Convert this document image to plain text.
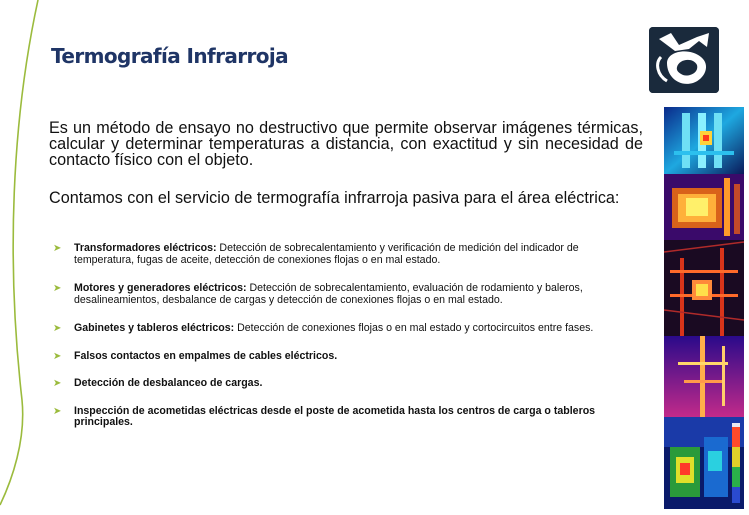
Termografía Infrarroja
Es un método de ensayo no destructivo que permite observar imágenes térmicas, calcular y determinar temperaturas a distancia, con exactitud y sin necesidad de contacto físico con el objeto.
Contamos con el servicio de termografía infrarroja pasiva para el área eléctrica:
➤ Transformadores eléctricos: Detección de sobrecalentamiento y verificación de medición del indicador de temperatura, fugas de aceite, detección de conexiones flojas o en mal estado.
➤ Motores y generadores eléctricos: Detección de sobrecalentamiento, evaluación de rodamiento y baleros, desalineamientos, desbalance de cargas y detección de conexiones flojas o en mal estado.
➤ Gabinetes y tableros eléctricos: Detección de conexiones flojas o en mal estado y cortocircuitos entre fases.
➤ Falsos contactos en empalmes de cables eléctricos.
➤ Detección de desbalanceo de cargas.
➤ Inspección de acometidas eléctricas desde el poste de acometida hasta los centros de carga o tableros principales.
